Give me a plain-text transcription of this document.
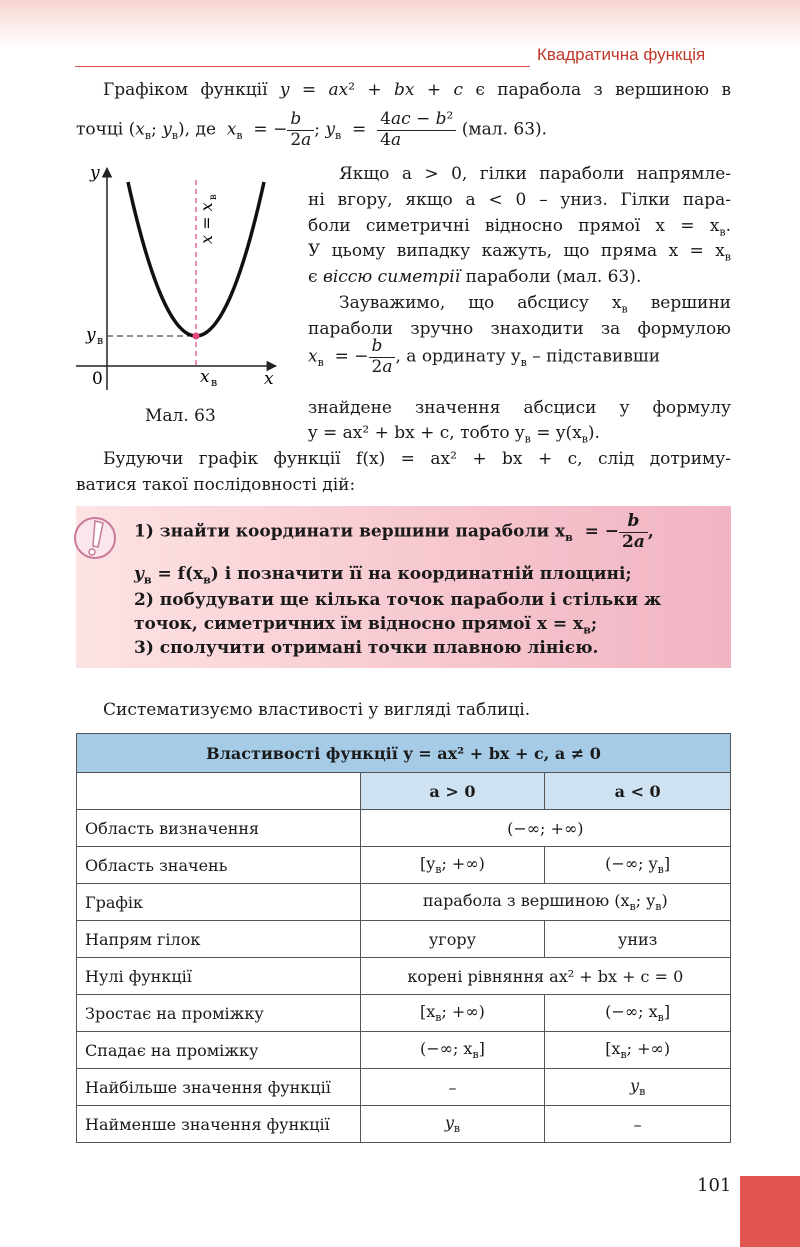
Квадратична функція
Графіком функції y = ax² + bx + c є парабола з вершиною в
точці ($x_в$; $y_в$), де $x_в$  = − $\frac{b}{2a}$ ; $y_в = \frac{\text{4ac − b²}}{4a} (мал$. 63).
y
x
0
y в
x в
x = x
в
Мал. 63
Якщо a > 0, гілки параболи напрямле-
ні вгору, якщо a < 0 – униз. Гілки пара-
боли симетричні відносно прямої $x = x_в$.
У цьому випадку кажуть, що пряма $x = x_в$
є віссю симетрії параболи (мал. 63).
Зауважимо, що абсцису $x_в$ вершини
параболи зручно знаходити за формулою
$x_в$  = − $\frac{b}{2a}$ , а ординату $y_в$ – підставивши
знайдене значення абсциси у формулу
y = ax² + bx + c, тобто $y_в = y(x_в)$.
Будуючи графік функції f(x) = ax² + bx + c, слід дотриму-
ватися такої послідовності дій:
1) знайти координати вершини параболи $x_в$  = − $\frac{b}{2a}$ ,
$y_в = f(x_в)$ і позначити її на координатній площині;
2) побудувати ще кілька точок параболи і стільки ж
точок, симетричних їм відносно прямої $x = x_в$;
3) сполучити отримані точки плавною лінією.
Систематизуємо властивості у вигляді таблиці.
Властивості функції y = ax² + bx + c, a ≠ 0		
	a > 0	a < 0
Область визначення	(−∞; +∞)	
Область значень	[$y_в$; +∞)	(−∞; $y_в$]
Графік	парабола з вершиною ($x_в$; $y_в$)	
Напрям гілок	угору	униз
Нулі функції	корені рівняння ax² + bx + c = 0	
Зростає на проміжку	[$x_в$; +∞)	(−∞; $x_в$]
Спадає на проміжку	(−∞; $x_в$]	[$x_в$; +∞)
Найбільше значення функції	–	$y_в$
Найменше значення функції	$y_в$	–
101
